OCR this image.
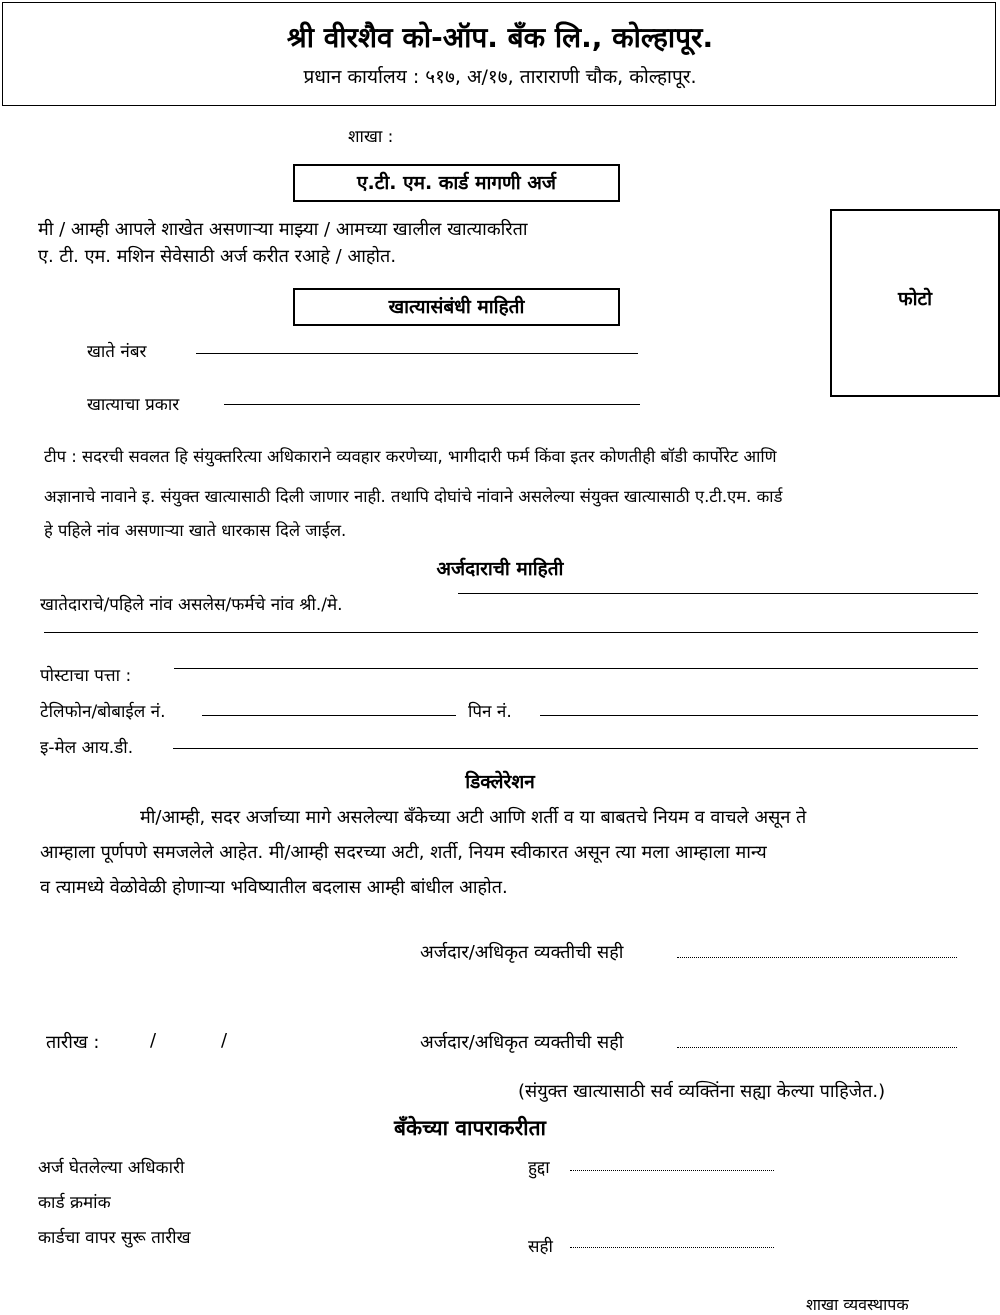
श्री वीरशैव को-ऑप. बँक लि., कोल्हापूर.
प्रधान कार्यालय : ५१७, अ/१७, ताराराणी चौक, कोल्हापूर.
शाखा :
ए.टी. एम. कार्ड मागणी अर्ज
मी / आम्ही आपले शाखेत असणाऱ्या माझ्या / आमच्या खालील खात्याकरिता
ए. टी. एम. मशिन सेवेसाठी अर्ज करीत रआहे / आहोत.
फोटो
खात्यासंबंधी माहिती
खाते नंबर
खात्याचा प्रकार
टीप : सदरची सवलत हि संयुक्तरित्या अधिकाराने व्यवहार करणेच्या, भागीदारी फर्म किंवा इतर कोणतीही बॉडी कार्पोरेट आणि
अज्ञानाचे नावाने इ. संयुक्त खात्यासाठी दिली जाणार नाही. तथापि दोघांचे नांवाने असलेल्या संयुक्त खात्यासाठी ए.टी.एम. कार्ड
हे पहिले नांव असणाऱ्या खाते धारकास दिले जाईल.
अर्जदाराची माहिती
खातेदाराचे/पहिले नांव असलेस/फर्मचे नांव श्री./मे.
पोस्टाचा पत्ता :
टेलिफोन/बोबाईल नं.	पिन नं.
इ-मेल आय.डी.
डिक्लेरेशन
मी/आम्ही, सदर अर्जाच्या मागे असलेल्या बँकेच्या अटी आणि शर्ती व या बाबतचे नियम व वाचले असून ते
आम्हाला पूर्णपणे समजलेले आहेत. मी/आम्ही सदरच्या अटी, शर्ती, नियम स्वीकारत असून त्या मला आम्हाला मान्य
व त्यामध्ये वेळोवेळी होणाऱ्या भविष्यातील बदलास आम्ही बांधील आहोत.
अर्जदार/अधिकृत व्यक्तीची सही
तारीख :	/	/	अर्जदार/अधिकृत व्यक्तीची सही
(संयुक्त खात्यासाठी सर्व व्यक्तिंना सह्या केल्या पाहिजेत.)
बँकेच्या वापराकरीता
अर्ज घेतलेल्या अधिकारी	हुद्दा
कार्ड क्रमांक
कार्डचा वापर सुरू तारीख	सही
शाखा व्यवस्थापक
